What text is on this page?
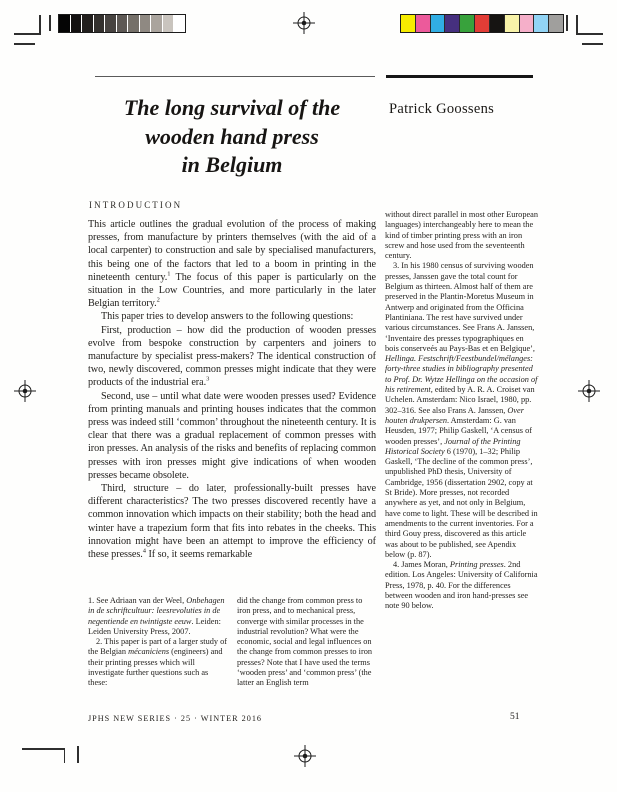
The long survival of the
wooden hand press
in Belgium
Patrick Goossens
INTRODUCTION

This article outlines the gradual evolution of the process of making presses, from manufacture by printers themselves (with the aid of a local carpenter) to construction and sale by specialised manufacturers, this being one of the factors that led to a boom in printing in the nineteenth century.$^1$ The focus of this paper is particularly on the situation in the Low Countries, and more particularly in the later Belgian territory.$^2$

This paper tries to develop answers to the following questions:

First, production – how did the production of wooden presses evolve from bespoke construction by carpenters and joiners to manufacture by specialist press-makers? The identical construction of two, newly discovered, common presses might indicate that they were products of the industrial era.$^3$

Second, use – until what date were wooden presses used? Evidence from printing manuals and printing houses indicates that the common press was indeed still ‘common’ throughout the nineteenth century. It is clear that there was a gradual replacement of common presses with iron presses. An analysis of the risks and benefits of replacing common presses with iron presses might give indications of when wooden presses became obsolete.

Third, structure – do later, professionally-built presses have different characteristics? The two presses discovered recently have a common innovation which impacts on their stability; both the head and winter have a trapezium form that fits into rebates in the cheeks. This innovation might have been an attempt to improve the efficiency of these presses.$^4$ If so, it seems remarkable

1. See Adriaan van der Weel, Onbehagen in de schriftcultuur: leesrevoluties in de negentiende en twintigste eeuw. Leiden: Leiden University Press, 2007.

2. This paper is part of a larger study of the Belgian mécaniciens (engineers) and their printing presses which will investigate further questions such as these:

did the change from common press to iron press, and to mechanical press, converge with similar processes in the industrial revolution? What were the economic, social and legal influences on the change from common presses to iron presses? Note that I have used the terms ‘wooden press’ and ‘common press’ (the latter an English term

without direct parallel in most other European languages) interchangeably here to mean the kind of timber printing press with an iron screw and hose used from the seventeenth century.

3. In his 1980 census of surviving wooden presses, Janssen gave the total count for Belgium as thirteen. Almost half of them are preserved in the Plantin-Moretus Museum in Antwerp and originated from the Officina Plantiniana. The rest have survived under various circumstances. See Frans A. Janssen, ‘Inventaire des presses typographiques en bois conserveés au Pays-Bas et en Belgique’, Hellinga. Festschrift/Feestbundel/mélanges: forty-three studies in bibliography presented to Prof. Dr. Wytze Hellinga on the occasion of his retirement, edited by A. R. A. Croiset van Uchelen. Amsterdam: Nico Israel, 1980, pp. 302–316. See also Frans A. Janssen, Over houten drukpersen. Amsterdam: G. van Heusden, 1977; Philip Gaskell, ‘A census of wooden presses’, Journal of the Printing Historical Society 6 (1970), 1–32; Philip Gaskell, ‘The decline of the common press’, unpublished PhD thesis, University of Cambridge, 1956 (dissertation 2902, copy at St Bride). More presses, not recorded anywhere as yet, and not only in Belgium, have come to light. These will be described in amendments to the current inventories. For a third Gouy press, discovered as this article was about to be published, see Apendix below (p. 87).

4. James Moran, Printing presses. 2nd edition. Los Angeles: University of California Press, 1978, p. 40. For the differences between wooden and iron hand-presses see note 90 below.

JPHS NEW SERIES · 25 · WINTER 2016	51
